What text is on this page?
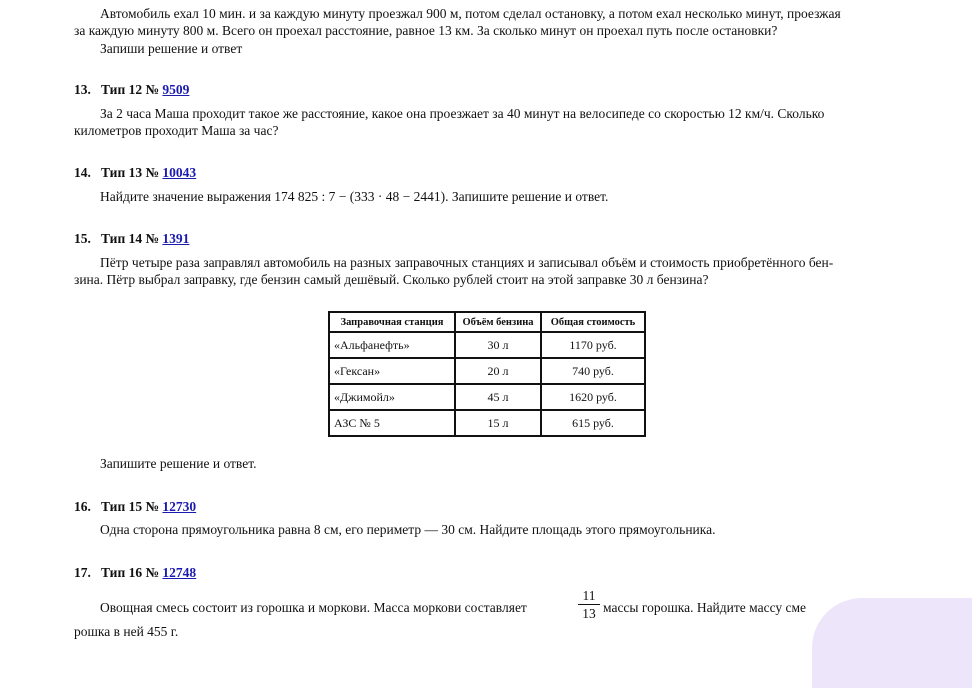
Автомобиль ехал 10 мин. и за каждую минуту проезжал 900 м, потом сделал остановку, а потом ехал несколько минут, проезжая
за каждую минуту 800 м. Всего он проехал расстояние, равное 13 км. За сколько минут он проехал путь после остановки?
Запиши решение и ответ
13. Тип 12 № 9509
За 2 часа Маша проходит такое же расстояние, какое она проезжает за 40 минут на велосипеде со скоростью 12 км/ч. Сколько
километров проходит Маша за час?
14. Тип 13 № 10043
Найдите значение выражения 174 825 : 7 − (333 · 48 − 2441). Запишите решение и ответ.
15. Тип 14 № 1391
Пётр четыре раза заправлял автомобиль на разных заправочных станциях и записывал объём и стоимость приобретённого бен-
зина. Пётр выбрал заправку, где бензин самый дешёвый. Сколько рублей стоит на этой заправке 30 л бензина?
Заправочная станция	Объём бензина	Общая стоимость
«Альфанефть»	30 л	1170 руб.
«Гексан»	20 л	740 руб.
«Джимойл»	45 л	1620 руб.
АЗС № 5	15 л	615 руб.
Запишите решение и ответ.
16. Тип 15 № 12730
Одна сторона прямоугольника равна 8 см, его периметр — 30 см. Найдите площадь этого прямоугольника.
17. Тип 16 № 12748
Овощная смесь состоит из горошка и моркови. Масса моркови составляет
11
13 массы горошка. Найдите массу сме
рошка в ней 455 г.
